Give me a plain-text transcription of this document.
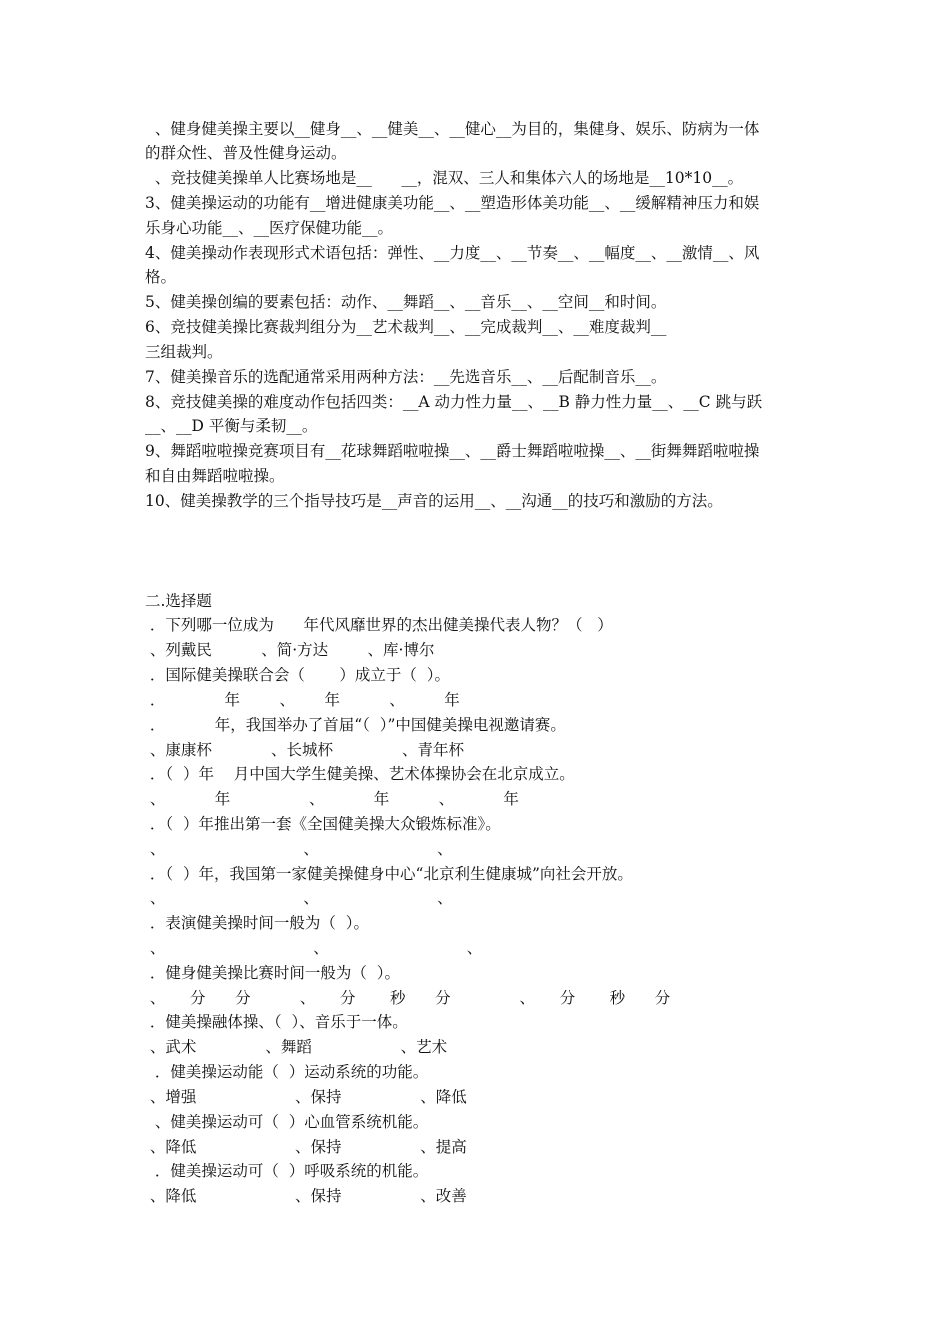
、健身健美操主要以__健身__、__健美__、__健心__为目的，集健身、娱乐、防病为一体
的群众性、普及性健身运动。
、竞技健美操单人比赛场地是__      __，混双、三人和集体六人的场地是__10*10__。
3、健美操运动的功能有__增进健康美功能__、__塑造形体美功能__、__缓解精神压力和娱
乐身心功能__、__医疗保健功能__。
4、健美操动作表现形式术语包括：弹性、__力度__、__节奏__、__幅度__、__激情__、风
格。
5、健美操创编的要素包括：动作、__舞蹈__、__音乐__、__空间__和时间。
6、竞技健美操比赛裁判组分为__艺术裁判__、__完成裁判__、__难度裁判__
三组裁判。
7、健美操音乐的选配通常采用两种方法：__先选音乐__、__后配制音乐__。
8、竞技健美操的难度动作包括四类：__A 动力性力量__、__B 静力性力量__、__C 跳与跃
__、__D 平衡与柔韧__。
9、舞蹈啦啦操竞赛项目有__花球舞蹈啦啦操__、__爵士舞蹈啦啦操__、__街舞舞蹈啦啦操
和自由舞蹈啦啦操。
10、健美操教学的三个指导技巧是__声音的运用__、__沟通__的技巧和激励的方法。
二.选择题
．下列哪一位成为      年代风靡世界的杰出健美操代表人物？（   ）
、列戴民          、简·方达        、库·博尔
．国际健美操联合会（       ）成立于（  ）。
．            年        、      年          、        年
．          年，我国举办了首届“（  ）”中国健美操电视邀请赛。
、康康杯            、长城杯              、青年杯
．（  ）年    月中国大学生健美操、艺术体操协会在北京成立。
、          年                、          年          、          年
．（  ）年推出第一套《全国健美操大众锻炼标准》。
、                            、                        、
．（  ）年，我国第一家健美操健身中心“北京利生健康城”向社会开放。
、                            、                        、
．表演健美操时间一般为（  ）。
、                              、                            、
．健身健美操比赛时间一般为（  ）。
、     分      分          、     分       秒      分              、     分       秒      分
．健美操融体操、（  ）、音乐于一体。
、武术              、舞蹈                  、艺术
．健美操运动能（  ）运动系统的功能。
、增强                    、保持                、降低
、健美操运动可（  ）心血管系统机能。
、降低                    、保持                、提高
．健美操运动可（  ）呼吸系统的机能。
、降低                    、保持                、改善
